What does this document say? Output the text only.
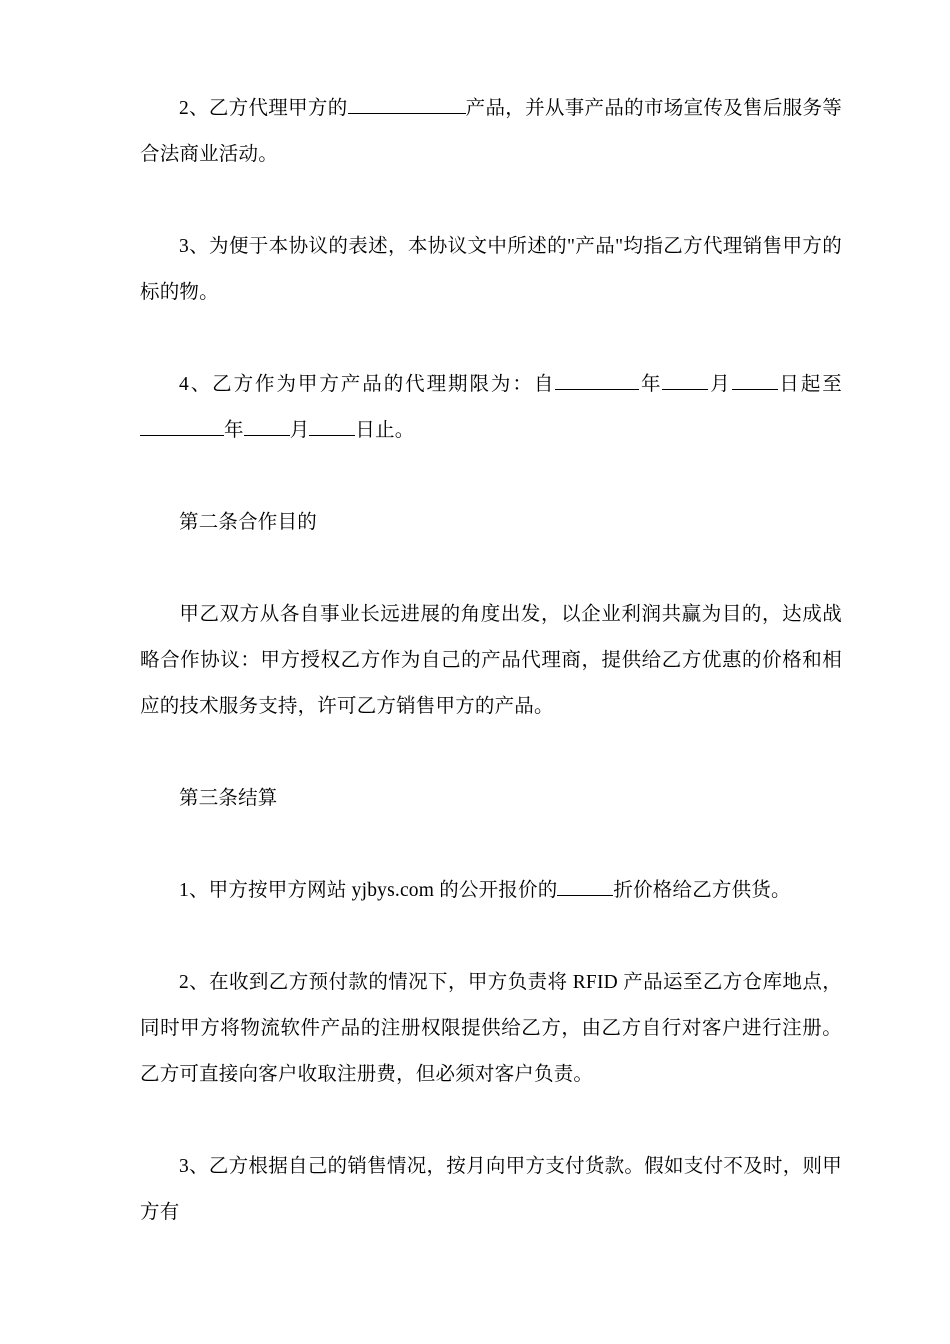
2、乙方代理甲方的	产品，并从事产品的市场宣传及售后服务等合法商业活动。

3、为便于本协议的表述，本协议文中所述的"产品"均指乙方代理销售甲方的标的物。

4、乙方作为甲方产品的代理期限为：自	年 月 日起至年 月 日止。

第二条合作目的

甲乙双方从各自事业长远进展的角度出发，以企业利润共赢为目的，达成战略合作协议：甲方授权乙方作为自己的产品代理商，提供给乙方优惠的价格和相应的技术服务支持，许可乙方销售甲方的产品。

第三条结算

1、甲方按甲方网站 yjbys.com 的公开报价的	折价格给乙方供货。

2、在收到乙方预付款的情况下，甲方负责将 RFID 产品运至乙方仓库地点，同时甲方将物流软件产品的注册权限提供给乙方，由乙方自行对客户进行注册。乙方可直接向客户收取注册费，但必须对客户负责。

3、乙方根据自己的销售情况，按月向甲方支付货款。假如支付不及时，则甲方有
